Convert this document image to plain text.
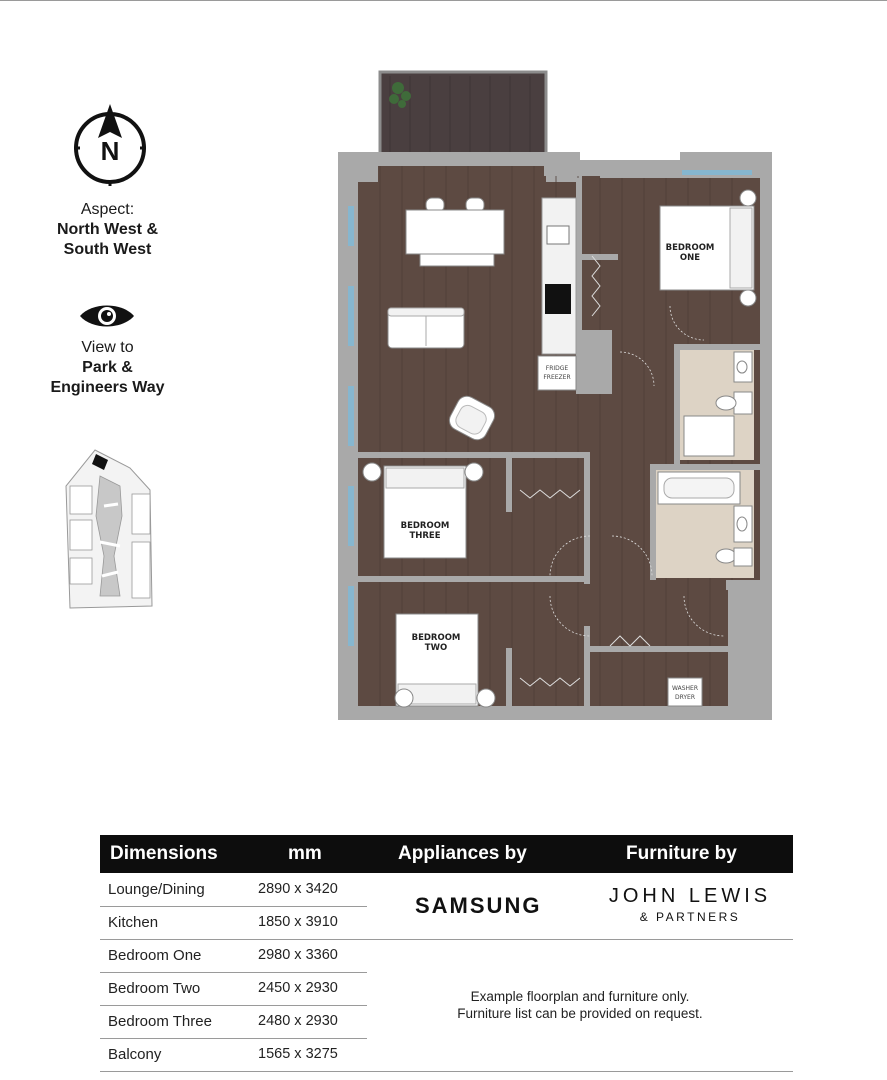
N
Aspect:
North West &
South West
View to
Park &
Engineers Way
FRIDGE
FREEZER
BEDROOM
ONE
BEDROOM
THREE
BEDROOM
TWO
WASHER
DRYER
Dimensions	mm	Appliances by	Furniture by
Lounge/Dining	2890 x 3420
Kitchen	1850 x 3910
Bedroom One	2980 x 3360
Bedroom Two	2450 x 2930
Bedroom Three	2480 x 2930
Balcony	1565 x 3275
SAMSUNG	JOHN LEWIS
& PARTNERS
Example floorplan and furniture only.
Furniture list can be provided on request.
